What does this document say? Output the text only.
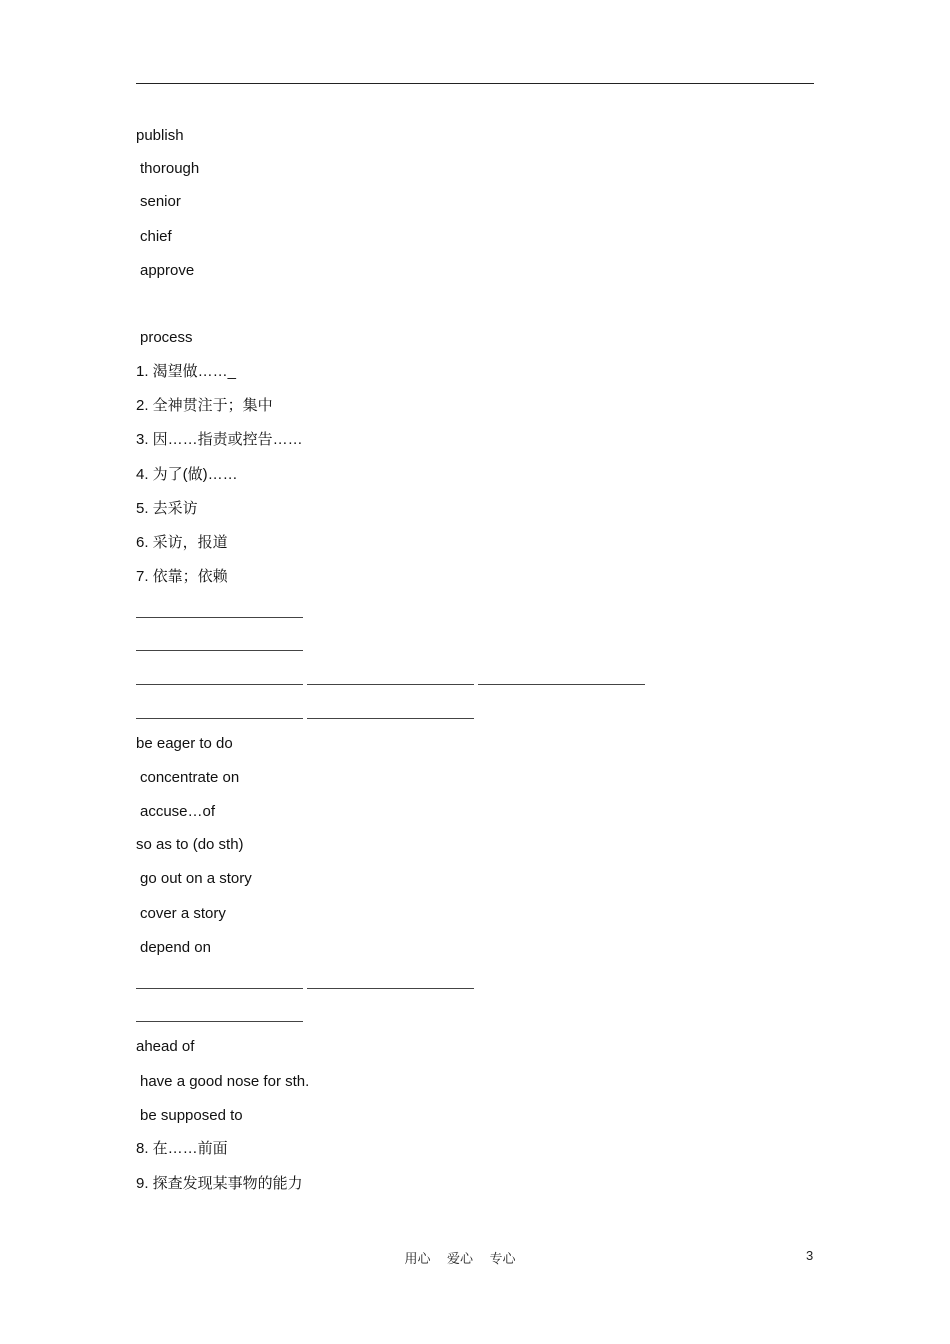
publish
thorough
senior
chief
approve
process
1. 渴望做……_
2. 全神贯注于；集中
3. 因……指责或控告……
4. 为了(做)……
5. 去采访
6. 采访，报道
7. 依靠；依赖
be eager to do
concentrate on
accuse…of
so as to (do sth)
go out on a story
cover a story
depend on
ahead of
have a good nose for sth.
be supposed to
8. 在……前面
9. 探查发现某事物的能力
用心    爱心    专心	3
